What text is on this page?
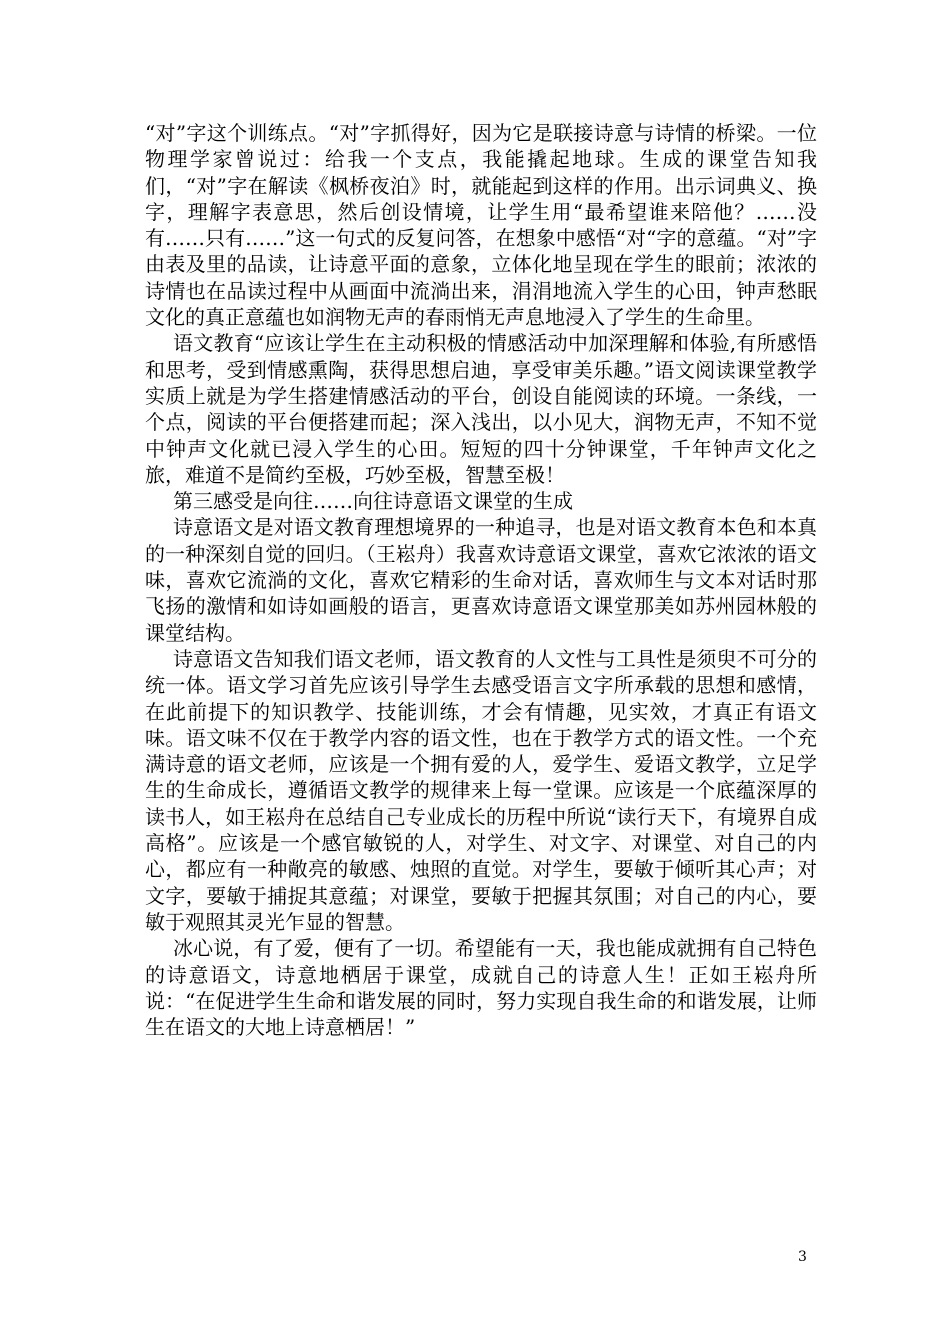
“对”字这个训练点。“对”字抓得好，因为它是联接诗意与诗情的桥梁。一位物理学家曾说过：给我一个支点，我能撬起地球。生成的课堂告知我们，“对”字在解读《枫桥夜泊》时，就能起到这样的作用。出示词典义、换字，理解字表意思，然后创设情境，让学生用“最希望谁来陪他？……没有……只有……”这一句式的反复问答，在想象中感悟“对“字的意蕴。“对”字由表及里的品读，让诗意平面的意象，立体化地呈现在学生的眼前；浓浓的诗情也在品读过程中从画面中流淌出来，涓涓地流入学生的心田，钟声愁眠文化的真正意蕴也如润物无声的春雨悄无声息地浸入了学生的生命里。

语文教育“应该让学生在主动积极的情感活动中加深理解和体验,有所感悟和思考，受到情感熏陶，获得思想启迪，享受审美乐趣。”语文阅读课堂教学实质上就是为学生搭建情感活动的平台，创设自能阅读的环境。一条线，一个点，阅读的平台便搭建而起；深入浅出，以小见大，润物无声，不知不觉中钟声文化就已浸入学生的心田。短短的四十分钟课堂，千年钟声文化之旅，难道不是简约至极，巧妙至极，智慧至极！

第三感受是向往……向往诗意语文课堂的生成

诗意语文是对语文教育理想境界的一种追寻，也是对语文教育本色和本真的一种深刻自觉的回归。（王崧舟）我喜欢诗意语文课堂，喜欢它浓浓的语文味，喜欢它流淌的文化，喜欢它精彩的生命对话，喜欢师生与文本对话时那飞扬的激情和如诗如画般的语言，更喜欢诗意语文课堂那美如苏州园林般的课堂结构。

诗意语文告知我们语文老师，语文教育的人文性与工具性是须臾不可分的统一体。语文学习首先应该引导学生去感受语言文字所承载的思想和感情，在此前提下的知识教学、技能训练，才会有情趣，见实效，才真正有语文味。语文味不仅在于教学内容的语文性，也在于教学方式的语文性。一个充满诗意的语文老师，应该是一个拥有爱的人，爱学生、爱语文教学，立足学生的生命成长，遵循语文教学的规律来上每一堂课。应该是一个底蕴深厚的读书人，如王崧舟在总结自己专业成长的历程中所说“读行天下，有境界自成高格”。应该是一个感官敏锐的人，对学生、对文字、对课堂、对自己的内心，都应有一种敞亮的敏感、烛照的直觉。对学生，要敏于倾听其心声；对文字，要敏于捕捉其意蕴；对课堂，要敏于把握其氛围；对自己的内心，要敏于观照其灵光乍显的智慧。

冰心说，有了爱，便有了一切。希望能有一天，我也能成就拥有自己特色的诗意语文，诗意地栖居于课堂，成就自己的诗意人生！正如王崧舟所说：“在促进学生生命和谐发展的同时，努力实现自我生命的和谐发展，让师生在语文的大地上诗意栖居！”

3
